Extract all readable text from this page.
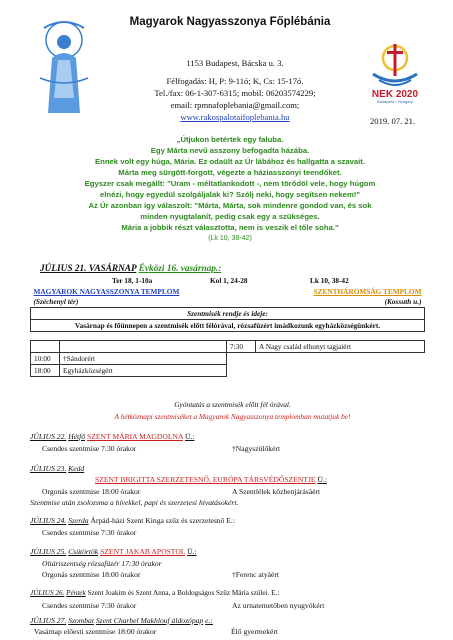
NEK 2020
Budapest • Hungary
Magyarok Nagyasszonya Főplébánia
1153 Budapest, Bácska u. 3.
Félfogadás: H, P: 9-11ó; K, Cs: 15-17ó.
Tel./fax: 06-1-307-6315; mobil: 06203574229;
email: rpmnafoplebania@gmail.com;
www.rakospalotaifoplebania.hu	2019. 07. 21.
„Útjukon betértek egy faluba.
Egy Márta nevű asszony befogadta házába.
Ennek volt egy húga, Mária. Ez odaült az Úr lábához és hallgatta a szavait.
Márta meg sürgött-forgott, végezte a háziasszonyi teendőket.
Egyszer csak megállt: "Uram - méltatlankodott -, nem törődöl vele, hogy húgom
elnézi, hogy egyedül szolgáljalak ki? Szólj neki, hogy segítsen nekem!"
Az Úr azonban így válaszolt: "Márta, Márta, sok mindenre gondod van, és sok
minden nyugtalanít, pedig csak egy a szükséges.
Mária a jobbik részt választotta, nem is veszik el tőle soha."
(Lk 10, 38-42)
JÚLIUS 21. VASÁRNAP Évközi 16. vasárnap.:
Ter 18, 1-10a	Kol 1, 24-28	Lk 10, 38-42
MAGYAROK NAGYASSZONYA TEMPLOM	SZENTHÁROMSÁG TEMPLOM
(Széchenyi tér)	(Kossuth u.)
Szentmisék rendje és ideje:	
Vasárnap és főünnepen a szentmisék előtt félórával, rózsafüzért imádkozunk egyházközségünkért.	
		7:30	A Nagy család elhunyt tagjaiért
10:00	†Sándorért		
18:00	Egyházközségért		
Gyóntatás a szentmisék előtt fél órával.
A hétköznapi szentmiséket a Magyarok Nagyasszonya templomban mutatjuk be!
JÚLIUS 22. Hétfő SZENT MÁRIA MAGDOLNA Ü.:
Csendes szentmise 7:30 órakor	†Nagyszülőkért
JÚLIUS 23. Kedd
SZENT BRIGITTA SZERZETESNŐ, EURÓPA TÁRSVÉDŐSZENTJE Ü.:
Orgonás szentmise 18:00 órakor	A Szentlélek közbenjárásáért
Szentmise után zsolozsma a hívekkel, papi és szerzetesi hivatásokért.
JÚLIUS 24. Szerda Árpád-házi Szent Kinga szűz és szerzetesnő E.:
Csendes szentmise 7:30 órakor
JÚLIUS 25. Csütörtök SZENT JAKAB APOSTOL Ü.:
Oltáriszentség rózsafüzér 17:30 órakor
Orgonás szentmise 18:00 órakor	†Ferenc atyáért
JÚLIUS 26. Péntek Szent Joakim és Szent Anna, a Boldogságos Szűz Mária szülei. E.:
Csendes szentmise 7:30 órakor	Az urnatemetőben nyugvókért
JÚLIUS 27. Szombat Szent Charbel Makhlouf áldozópap e.:
Vasárnap előesti szentmise 18:00 órakor	Élő gyermekért
